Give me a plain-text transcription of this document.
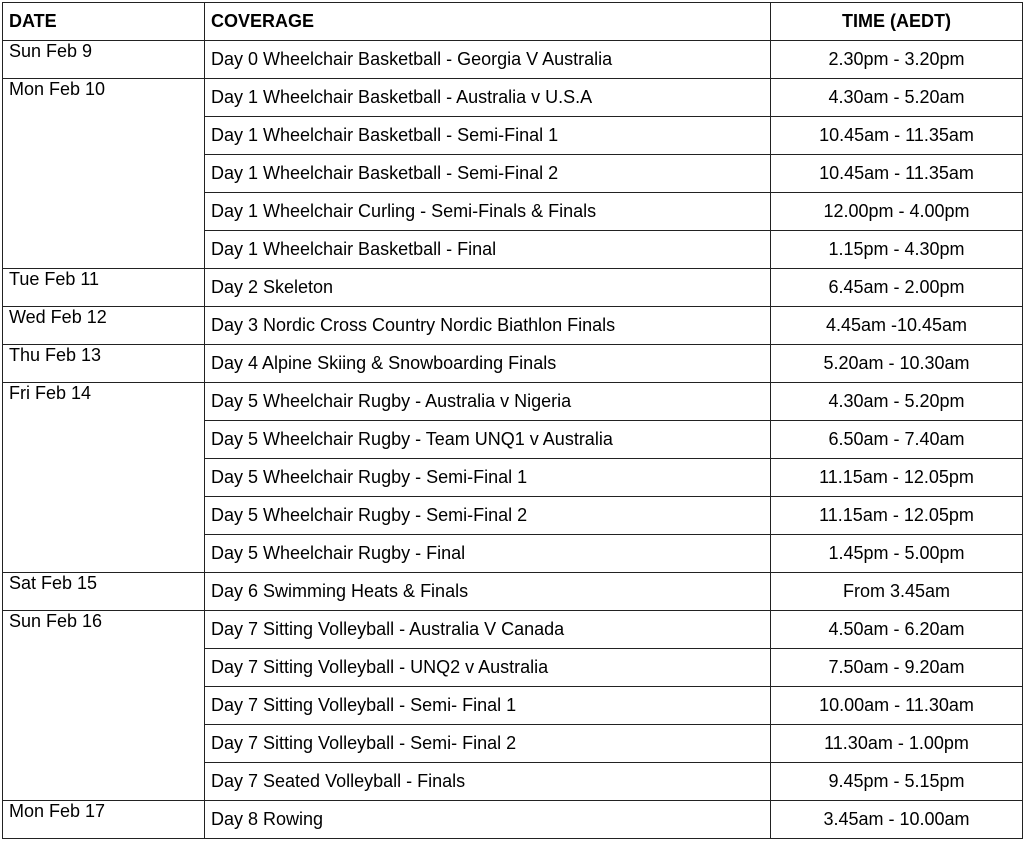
DATE	COVERAGE	TIME (AEDT)
Sun Feb 9	Day 0 Wheelchair Basketball - Georgia V Australia	2.30pm - 3.20pm
Mon Feb 10	Day 1 Wheelchair Basketball - Australia v U.S.A	4.30am - 5.20am
	Day 1 Wheelchair Basketball - Semi-Final 1	10.45am - 11.35am
	Day 1 Wheelchair Basketball - Semi-Final 2	10.45am - 11.35am
	Day 1 Wheelchair Curling - Semi-Finals & Finals	12.00pm - 4.00pm
	Day 1 Wheelchair Basketball - Final	1.15pm - 4.30pm
Tue Feb 11	Day 2 Skeleton	6.45am - 2.00pm
Wed Feb 12	Day 3 Nordic Cross Country Nordic Biathlon Finals	4.45am -10.45am
Thu Feb 13	Day 4 Alpine Skiing & Snowboarding Finals	5.20am - 10.30am
Fri Feb 14	Day 5 Wheelchair Rugby - Australia v Nigeria	4.30am - 5.20pm
	Day 5 Wheelchair Rugby - Team UNQ1 v Australia	6.50am - 7.40am
	Day 5 Wheelchair Rugby - Semi-Final 1	11.15am - 12.05pm
	Day 5 Wheelchair Rugby - Semi-Final 2	11.15am - 12.05pm
	Day 5 Wheelchair Rugby - Final	1.45pm - 5.00pm
Sat Feb 15	Day 6 Swimming Heats & Finals	From 3.45am
Sun Feb 16	Day 7 Sitting Volleyball - Australia V Canada	4.50am - 6.20am
	Day 7 Sitting Volleyball - UNQ2 v Australia	7.50am - 9.20am
	Day 7 Sitting Volleyball - Semi- Final 1	10.00am - 11.30am
	Day 7 Sitting Volleyball - Semi- Final 2	11.30am - 1.00pm
	Day 7 Seated Volleyball - Finals	9.45pm - 5.15pm
Mon Feb 17	Day 8 Rowing	3.45am - 10.00am
